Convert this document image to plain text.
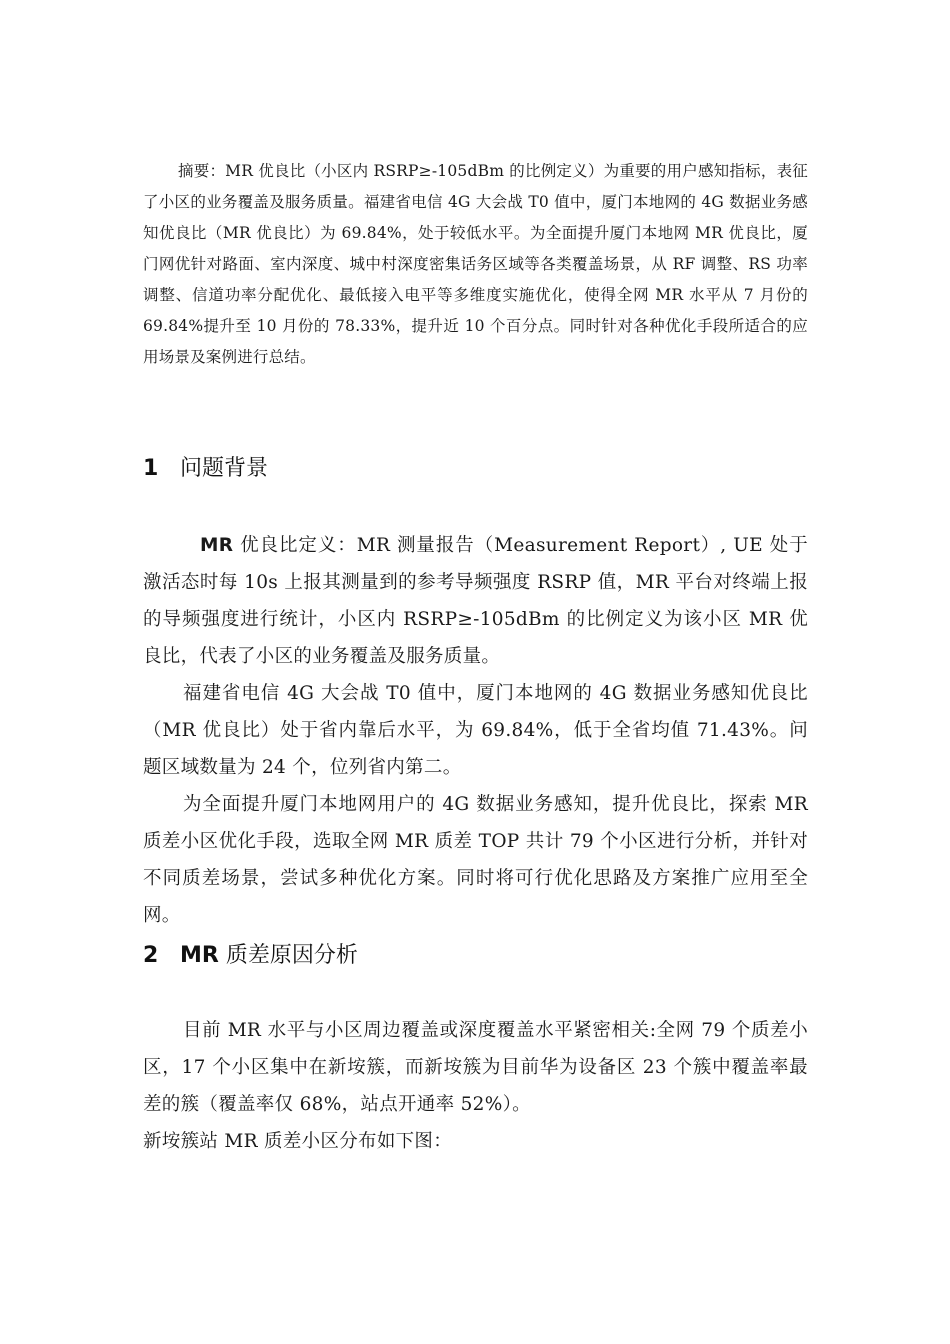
摘要：MR 优良比（小区内 RSRP≥-105dBm 的比例定义）为重要的用户感知指标，表征了小区的业务覆盖及服务质量。福建省电信 4G 大会战 T0 值中，厦门本地网的 4G 数据业务感知优良比（MR 优良比）为 69.84%，处于较低水平。为全面提升厦门本地网 MR 优良比，厦门网优针对路面、室内深度、城中村深度密集话务区域等各类覆盖场景，从 RF 调整、RS 功率调整、信道功率分配优化、最低接入电平等多维度实施优化，使得全网 MR 水平从 7 月份的 69.84%提升至 10 月份的 78.33%，提升近 10 个百分点。同时针对各种优化手段所适合的应用场景及案例进行总结。

1 问题背景

MR 优良比定义：MR 测量报告（Measurement Report）, UE 处于激活态时每 10s 上报其测量到的参考导频强度 RSRP 值，MR 平台对终端上报的导频强度进行统计，小区内 RSRP≥-105dBm 的比例定义为该小区 MR 优良比，代表了小区的业务覆盖及服务质量。

福建省电信 4G 大会战 T0 值中，厦门本地网的 4G 数据业务感知优良比（MR 优良比）处于省内靠后水平，为 69.84%，低于全省均值 71.43%。问题区域数量为 24 个，位列省内第二。

为全面提升厦门本地网用户的 4G 数据业务感知，提升优良比，探索 MR 质差小区优化手段，选取全网 MR 质差 TOP 共计 79 个小区进行分析，并针对不同质差场景，尝试多种优化方案。同时将可行优化思路及方案推广应用至全网。

2 MR 质差原因分析

目前 MR 水平与小区周边覆盖或深度覆盖水平紧密相关:全网 79 个质差小区，17 个小区集中在新垵簇，而新垵簇为目前华为设备区 23 个簇中覆盖率最差的簇（覆盖率仅 68%，站点开通率 52%）。

新垵簇站 MR 质差小区分布如下图：
